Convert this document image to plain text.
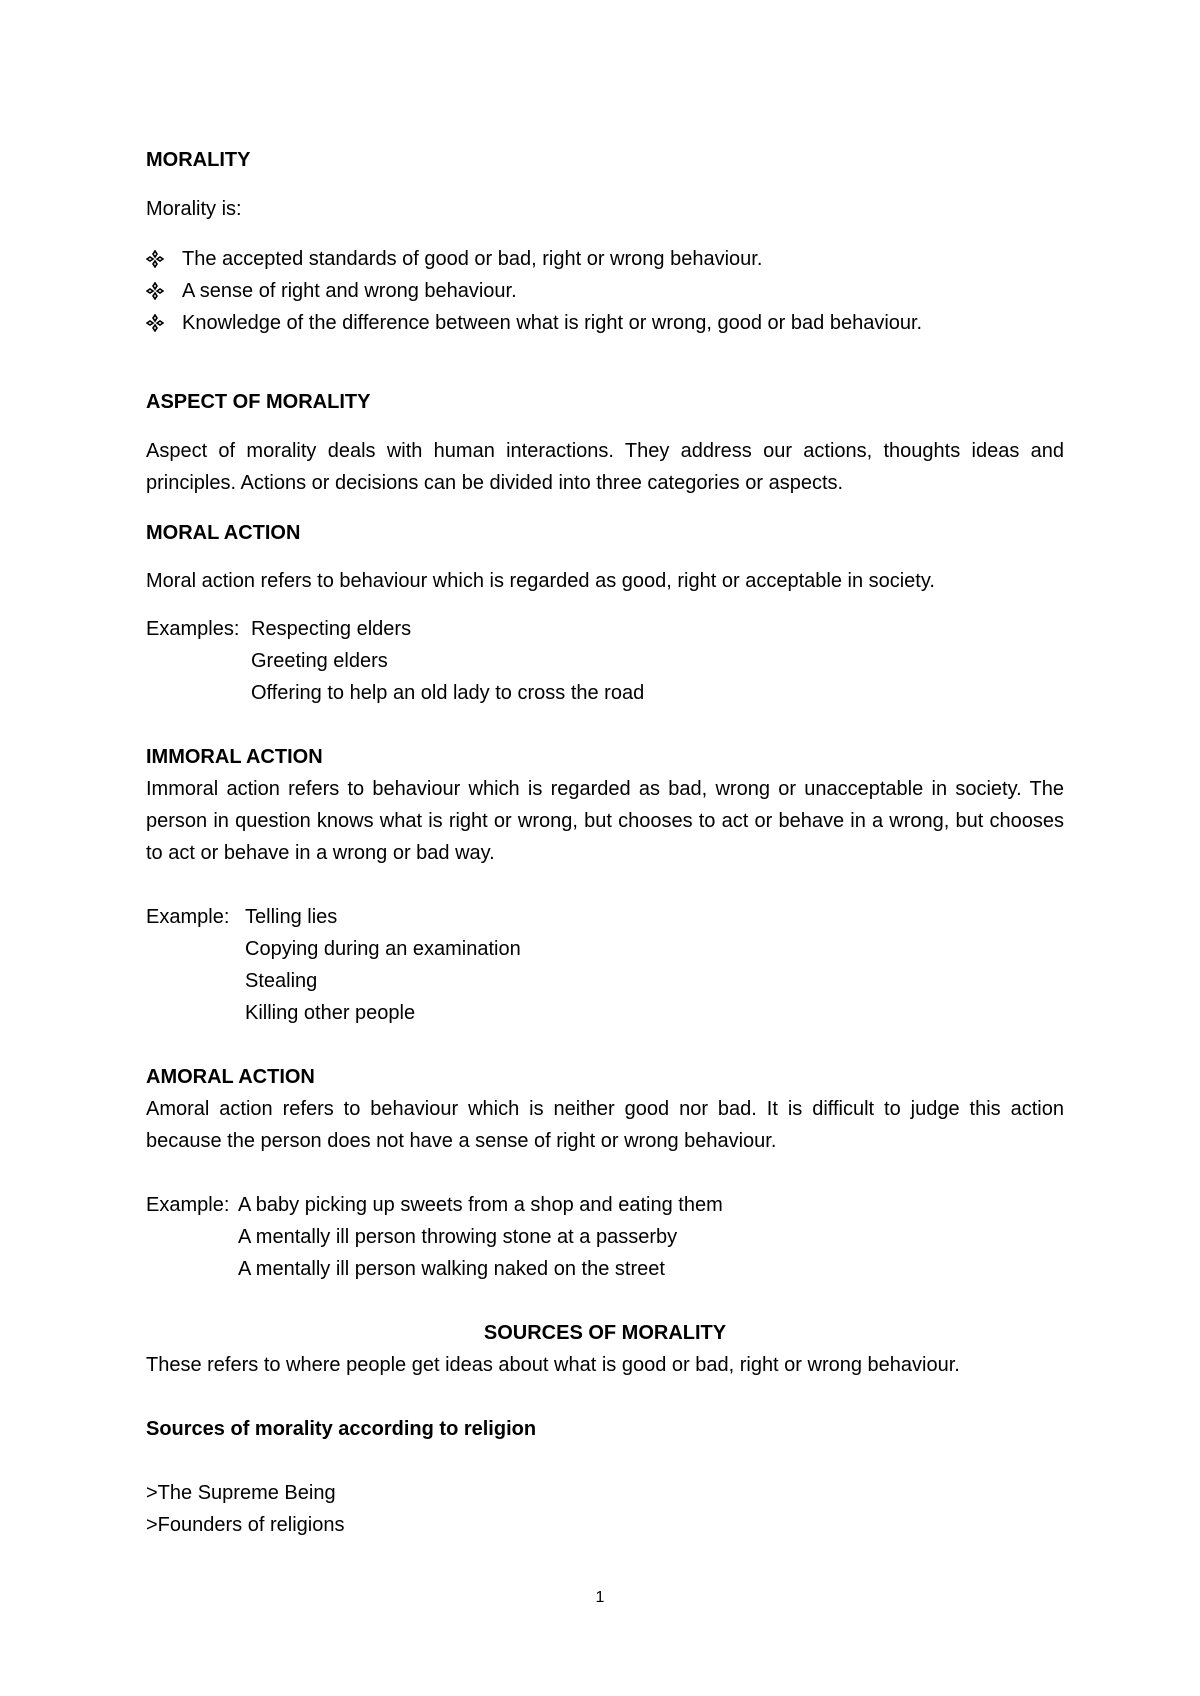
MORALITY
Morality is:
The accepted standards of good or bad, right or wrong behaviour.
A sense of right and wrong behaviour.
Knowledge of the difference between what is right or wrong, good or bad behaviour.
ASPECT OF MORALITY
Aspect of morality deals with human interactions. They address our actions, thoughts ideas and principles. Actions or decisions can be divided into three categories or aspects.
MORAL ACTION
Moral action refers to behaviour which is regarded as good, right or acceptable in society.
Examples: Respecting elders
Greeting elders
Offering to help an old lady to cross the road
IMMORAL ACTION
Immoral action refers to behaviour which is regarded as bad, wrong or unacceptable in society. The person in question knows what is right or wrong, but chooses to act or behave in a wrong, but chooses to act or behave in a wrong or bad way.
Example: Telling lies
Copying during an examination
Stealing
Killing other people
AMORAL ACTION
Amoral action refers to behaviour which is neither good nor bad. It is difficult to judge this action because the person does not have a sense of right or wrong behaviour.
Example: A baby picking up sweets from a shop and eating them
A mentally ill person throwing stone at a passerby
A mentally ill person walking naked on the street
SOURCES OF MORALITY
These refers to where people get ideas about what is good or bad, right or wrong behaviour.
Sources of morality according to religion
>The Supreme Being
>Founders of religions
1
